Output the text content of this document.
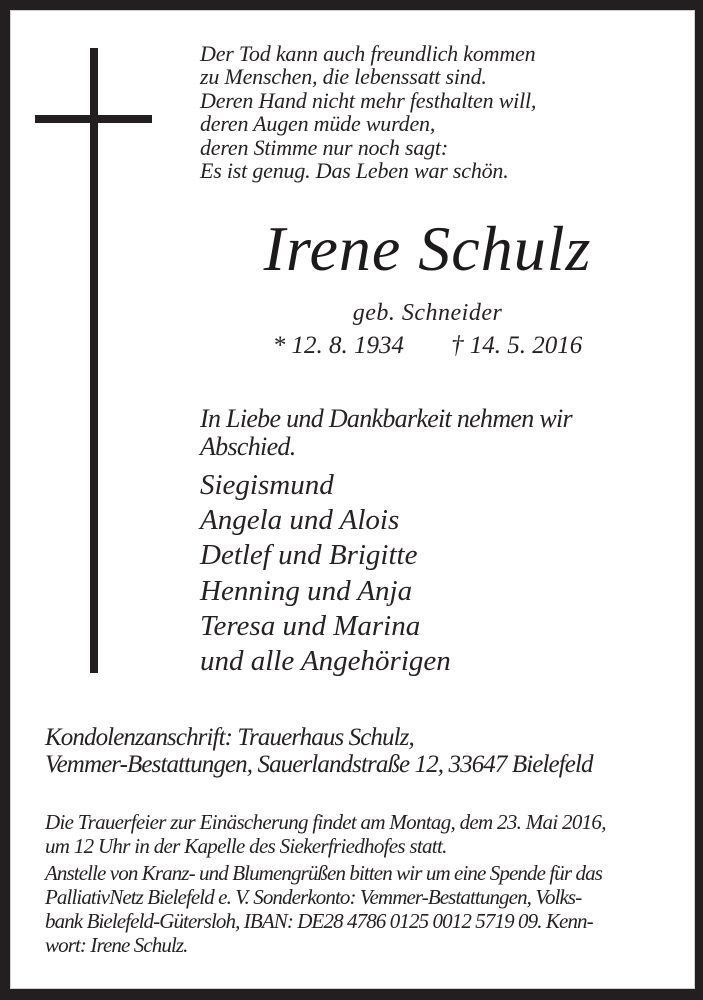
Der Tod kann auch freundlich kommen
zu Menschen, die lebenssatt sind.
Deren Hand nicht mehr festhalten will,
deren Augen müde wurden,
deren Stimme nur noch sagt:
Es ist genug. Das Leben war schön.
Irene Schulz
geb. Schneider
* 12. 8. 1934 † 14. 5. 2016
In Liebe und Dankbarkeit nehmen wir
Abschied.
Siegismund
Angela und Alois
Detlef und Brigitte
Henning und Anja
Teresa und Marina
und alle Angehörigen
Kondolenzanschrift: Trauerhaus Schulz,
Vemmer-Bestattungen, Sauerlandstraße 12, 33647 Bielefeld
Die Trauerfeier zur Einäscherung findet am Montag, dem 23. Mai 2016,
um 12 Uhr in der Kapelle des Siekerfriedhofes statt.
Anstelle von Kranz- und Blumengrüßen bitten wir um eine Spende für das
PalliativNetz Bielefeld e. V. Sonderkonto: Vemmer-Bestattungen, Volks-
bank Bielefeld-Gütersloh, IBAN: DE28 4786 0125 0012 5719 09. Kenn-
wort: Irene Schulz.
